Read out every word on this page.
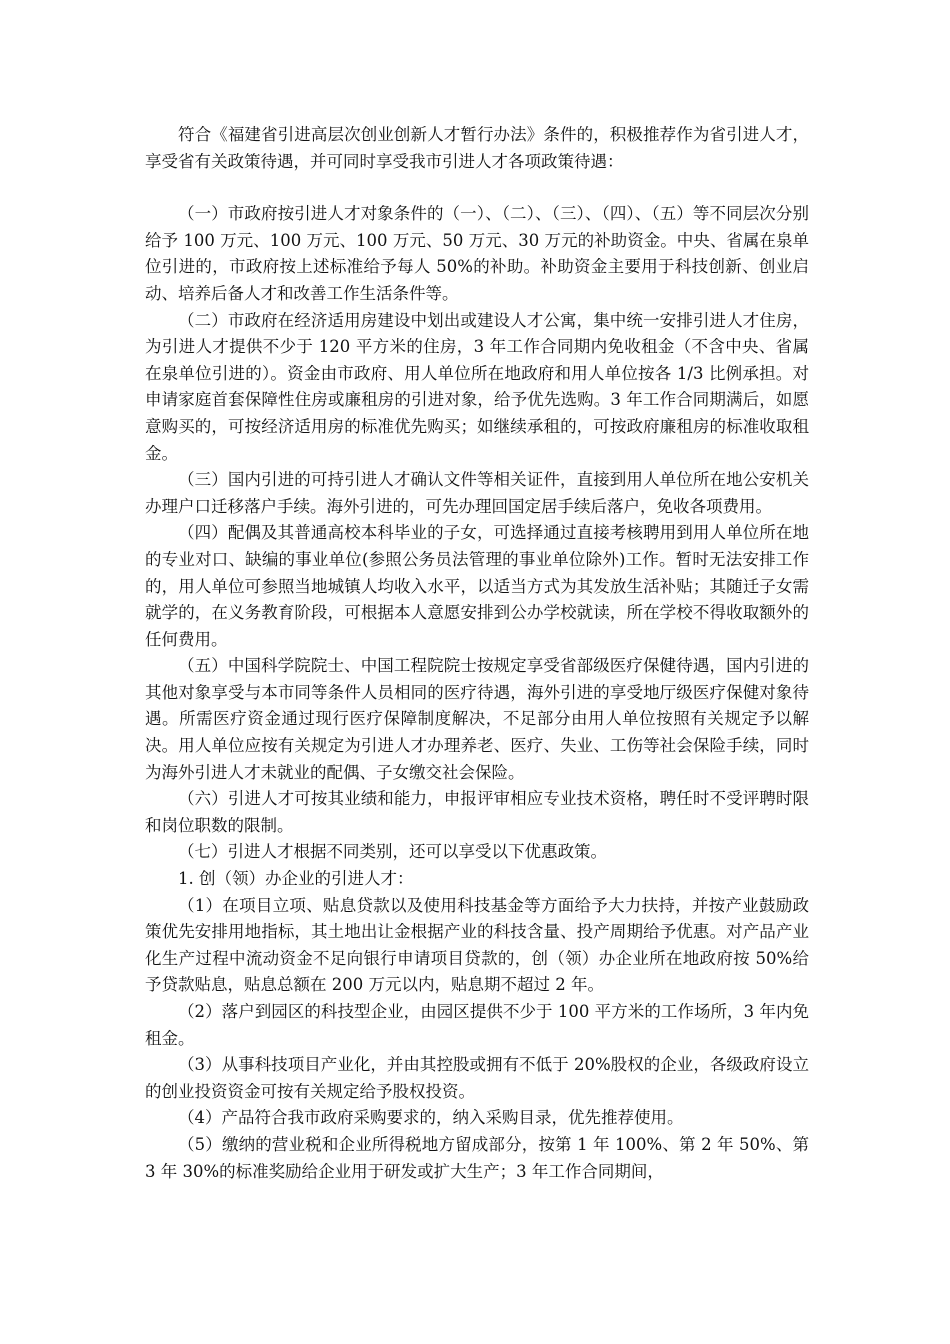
符合《福建省引进高层次创业创新人才暂行办法》条件的，积极推荐作为省引进人才，享受省有关政策待遇，并可同时享受我市引进人才各项政策待遇：

（一）市政府按引进人才对象条件的（一）、（二）、（三）、（四）、（五）等不同层次分别给予 100 万元、100 万元、100 万元、50 万元、30 万元的补助资金。中央、省属在泉单位引进的，市政府按上述标准给予每人 50%的补助。补助资金主要用于科技创新、创业启动、培养后备人才和改善工作生活条件等。

（二）市政府在经济适用房建设中划出或建设人才公寓，集中统一安排引进人才住房，为引进人才提供不少于 120 平方米的住房，3 年工作合同期内免收租金（不含中央、省属在泉单位引进的）。资金由市政府、用人单位所在地政府和用人单位按各 1/3 比例承担。对申请家庭首套保障性住房或廉租房的引进对象，给予优先选购。3 年工作合同期满后，如愿意购买的，可按经济适用房的标准优先购买；如继续承租的，可按政府廉租房的标准收取租金。

（三）国内引进的可持引进人才确认文件等相关证件，直接到用人单位所在地公安机关办理户口迁移落户手续。海外引进的，可先办理回国定居手续后落户，免收各项费用。

（四）配偶及其普通高校本科毕业的子女，可选择通过直接考核聘用到用人单位所在地的专业对口、缺编的事业单位(参照公务员法管理的事业单位除外)工作。暂时无法安排工作的，用人单位可参照当地城镇人均收入水平，以适当方式为其发放生活补贴；其随迁子女需就学的，在义务教育阶段，可根据本人意愿安排到公办学校就读，所在学校不得收取额外的任何费用。

（五）中国科学院院士、中国工程院院士按规定享受省部级医疗保健待遇，国内引进的其他对象享受与本市同等条件人员相同的医疗待遇，海外引进的享受地厅级医疗保健对象待遇。所需医疗资金通过现行医疗保障制度解决，不足部分由用人单位按照有关规定予以解决。用人单位应按有关规定为引进人才办理养老、医疗、失业、工伤等社会保险手续，同时为海外引进人才未就业的配偶、子女缴交社会保险。

（六）引进人才可按其业绩和能力，申报评审相应专业技术资格，聘任时不受评聘时限和岗位职数的限制。

（七）引进人才根据不同类别，还可以享受以下优惠政策。

1. 创（领）办企业的引进人才：

（1）在项目立项、贴息贷款以及使用科技基金等方面给予大力扶持，并按产业鼓励政策优先安排用地指标，其土地出让金根据产业的科技含量、投产周期给予优惠。对产品产业化生产过程中流动资金不足向银行申请项目贷款的，创（领）办企业所在地政府按 50%给予贷款贴息，贴息总额在 200 万元以内，贴息期不超过 2 年。

（2）落户到园区的科技型企业，由园区提供不少于 100 平方米的工作场所，3 年内免租金。

（3）从事科技项目产业化，并由其控股或拥有不低于 20%股权的企业，各级政府设立的创业投资资金可按有关规定给予股权投资。

（4）产品符合我市政府采购要求的，纳入采购目录，优先推荐使用。

（5）缴纳的营业税和企业所得税地方留成部分，按第 1 年 100%、第 2 年 50%、第 3 年 30%的标准奖励给企业用于研发或扩大生产；3 年工作合同期间，
